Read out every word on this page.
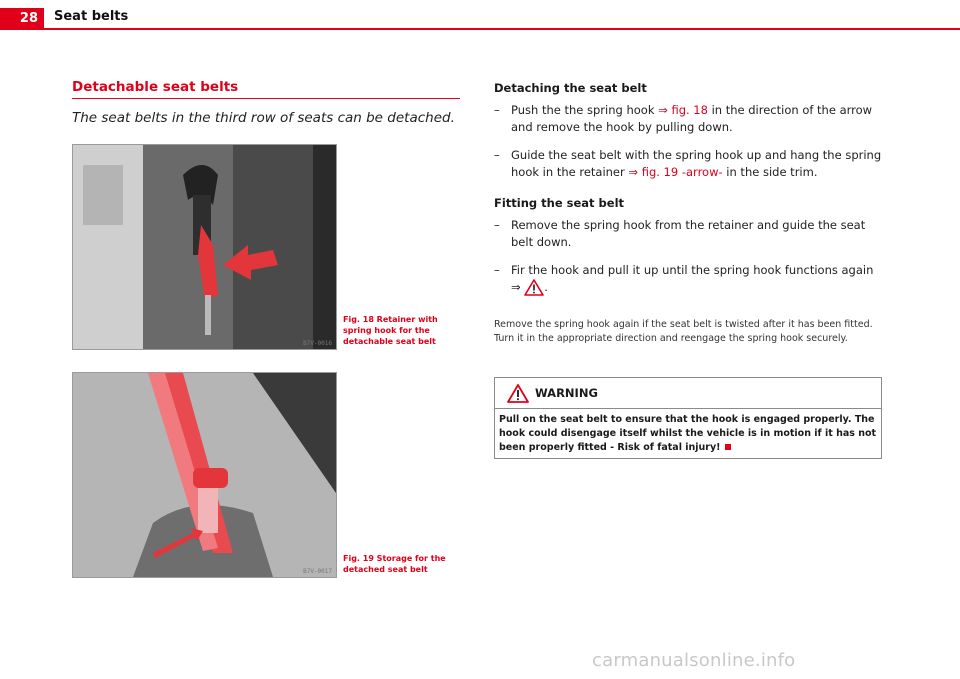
28	Seat belts
Detachable seat belts
The seat belts in the third row of seats can be detached.
B7V-0016
Fig. 18 Retainer with spring hook for the detachable seat belt
B7V-0017
Fig. 19 Storage for the detached seat belt
Detaching the seat belt
– Push the the spring hook ⇒ fig. 18 in the direction of the arrow and remove the hook by pulling down.
– Guide the seat belt with the spring hook up and hang the spring hook in the retainer ⇒ fig. 19 -arrow- in the side trim.
Fitting the seat belt
– Remove the spring hook from the retainer and guide the seat belt down.
– Fir the hook and pull it up until the spring hook functions again
⇒ .
Remove the spring hook again if the seat belt is twisted after it has been fitted. Turn it in the appropriate direction and reengage the spring hook securely.
WARNING
Pull on the seat belt to ensure that the hook is engaged properly. The hook could disengage itself whilst the vehicle is in motion if it has not been properly fitted - Risk of fatal injury!
carmanualsonline.info
